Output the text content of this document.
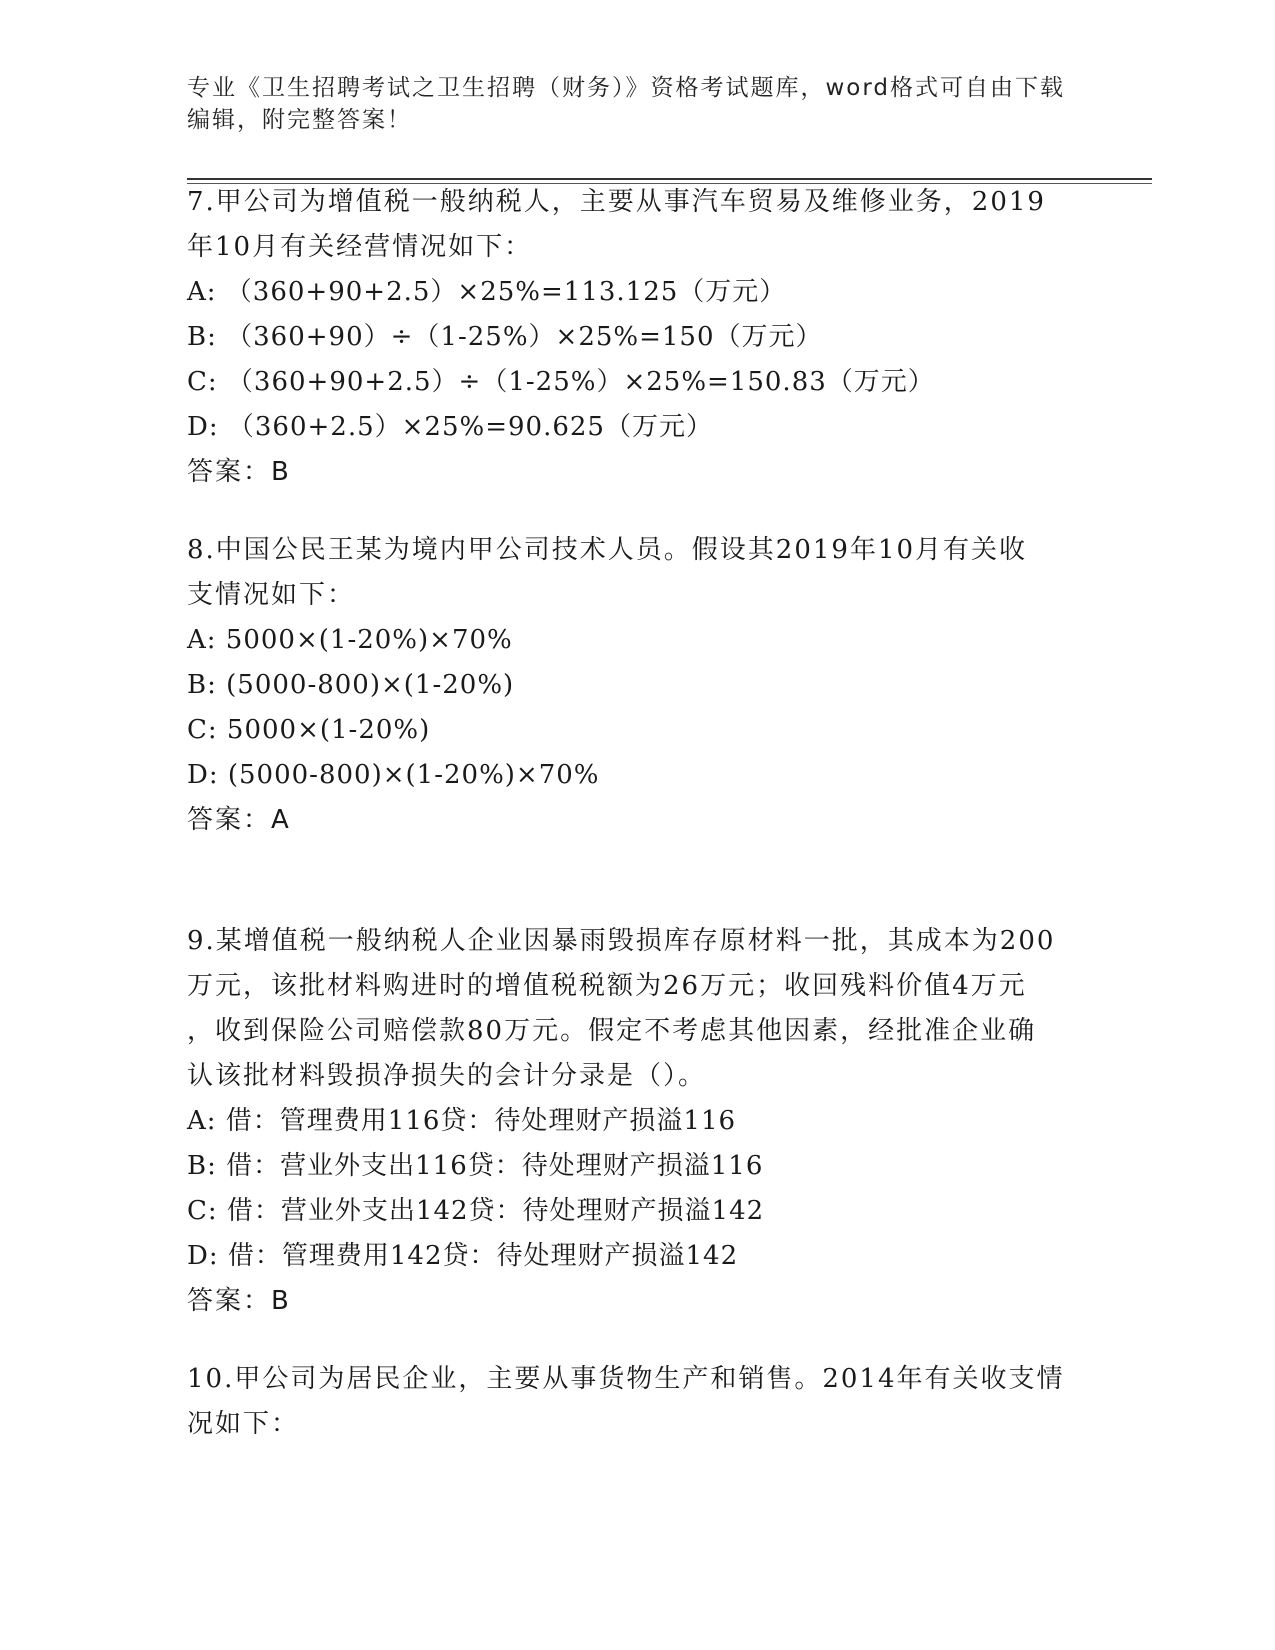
专业《卫生招聘考试之卫生招聘（财务）》资格考试题库，word格式可自由下载
编辑，附完整答案！

7.甲公司为增值税一般纳税人，主要从事汽车贸易及维修业务，2019

年10月有关经营情况如下：

A: （360+90+2.5）×25%=113.125（万元）

B: （360+90）÷（1-25%）×25%=150（万元）

C: （360+90+2.5）÷（1-25%）×25%=150.83（万元）

D: （360+2.5）×25%=90.625（万元）

答案：B

8.中国公民王某为境内甲公司技术人员。假设其2019年10月有关收

支情况如下：

A: 5000×(1-20%)×70%

B: (5000-800)×(1-20%)

C: 5000×(1-20%)

D: (5000-800)×(1-20%)×70%

答案：A

9.某增值税一般纳税人企业因暴雨毁损库存原材料一批，其成本为200

万元，该批材料购进时的增值税税额为26万元；收回残料价值4万元

，收到保险公司赔偿款80万元。假定不考虑其他因素，经批准企业确

认该批材料毁损净损失的会计分录是（）。

A: 借：管理费用116贷：待处理财产损溢116

B: 借：营业外支出116贷：待处理财产损溢116

C: 借：营业外支出142贷：待处理财产损溢142

D: 借：管理费用142贷：待处理财产损溢142

答案：B

10.甲公司为居民企业，主要从事货物生产和销售。2014年有关收支情

况如下：
